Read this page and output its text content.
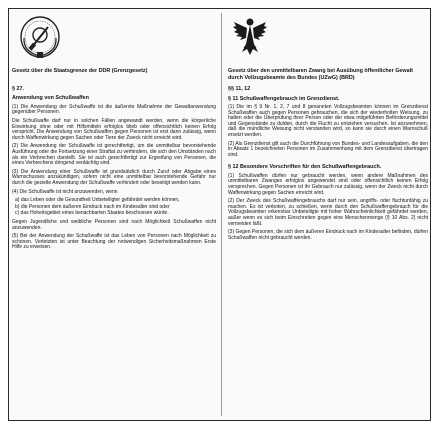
Gesetz über die Staatsgrenze der DDR (Grenzgesetz)
§ 27.
Anwendung von Schußwaffen

(1) Die Anwendung der Schußwaffe ist die äußerste Maßnahme der Gewaltanwendung gegenüber Personen.

Die Schußwaffe darf nur in solchen Fällen angewandt werden, wenn die körperliche Einwirkung ohne oder mit Hilfsmitteln erfolglos blieb oder offensichtlich keinen Erfolg verspricht. Die Anwendung von Schußwaffen gegen Personen ist erst dann zulässig, wenn durch Waffenwirkung gegen Sachen oder Tiere der Zweck nicht erreicht wird.

(2) Die Anwendung der Schußwaffe ist gerechtfertigt, um die unmittelbar bevorstehende Ausführung oder die Fortsetzung einer Straftat zu verhindern, die sich den Umständen nach als ein Verbrechen darstellt. Sie ist auch gerechtfertigt zur Ergreifung von Personen, die eines Verbrechens dringend verdächtig sind.

(3) Die Anwendung einer Schußwaffe ist grundsätzlich durch Zuruf oder Abgabe eines Warnschusses anzukündigen, sofern nicht eine unmittelbar bevorstehende Gefahr nur durch die gezielte Anwendung der Schußwaffe verhindert oder beseitigt werden kann.

(4) Die Schußwaffe ist nicht anzuwenden, wenn

a) das Leben oder die Gesundheit Unbeteiligter gefährdet werden können,
b) die Personen dem äußeren Eindruck nach im Kindesalter sind oder
c) das Hoheitsgebiet eines benachbarten Staates beschossen würde.

Gegen Jugendliche und weibliche Personen sind nach Möglichkeit Schußwaffen nicht anzuwenden.

(5) Bei der Anwendung der Schußwaffe ist das Leben von Personen nach Möglichkeit zu schonen. Verletzten ist unter Beachtung der notwendigen Sicherheitsmaßnahmen Erste Hilfe zu erweisen.

Gesetz über den unmittelbaren Zwang bei Ausübung öffentlicher Gewalt durch Vollzugsbeamte des Bundes (UZwG) (BRD)
§§ 11, 12
§ 11 Schußwaffengebrauch im Grenzdienst.

(1) Die im § 9 Nr. 1, 2, 7 und 8 genannten Vollzugsbeamten können im Grenzdienst Schußwaffen auch gegen Personen gebrauchen, die sich der wiederholten Weisung, zu halten oder die Überprüfung ihrer Person oder der etwa mitgeführten Beförderungsmittel und Gegenstände zu dulden, durch die Flucht zu entziehen versuchen. Ist anzunehmen, daß die mündliche Weisung nicht verstanden wird, so kann sie durch einen Warnschuß ersetzt werden.

(2) Als Grenzdienst gilt auch die Durchführung von Bundes- und Landesaufgaben, die den in Absatz 1 bezeichneten Personen im Zusammenhang mit dem Grenzdienst übertragen sind.

§ 12 Besondere Vorschriften für den Schußwaffengebrauch.

(1) Schußwaffen dürfen nur gebraucht werden, wenn andere Maßnahmen des unmittelbaren Zwanges erfolglos angewendet sind oder offensichtlich keinen Erfolg versprechen. Gegen Personen ist ihr Gebrauch nur zulässig, wenn der Zweck nicht durch Waffenwirkung gegen Sachen erreicht wird.

(2) Der Zweck des Schußwaffengebrauchs darf nur sein, angriffs- oder fluchtunfähig zu machen. Es ist verboten, zu schießen, wenn durch den Schußwaffengebrauch für die Vollzugsbeamten erkennbar Unbeteiligte mit hoher Wahrscheinlichkeit gefährdet werden, außer wenn es sich beim Einschreiten gegen eine Menschenmenge (§ 10 Abs. 2) nicht vermeiden läßt.

(3) Gegen Personen, die sich dem äußeren Eindruck nach im Kindesalter befinden, dürfen Schußwaffen nicht gebraucht werden.
